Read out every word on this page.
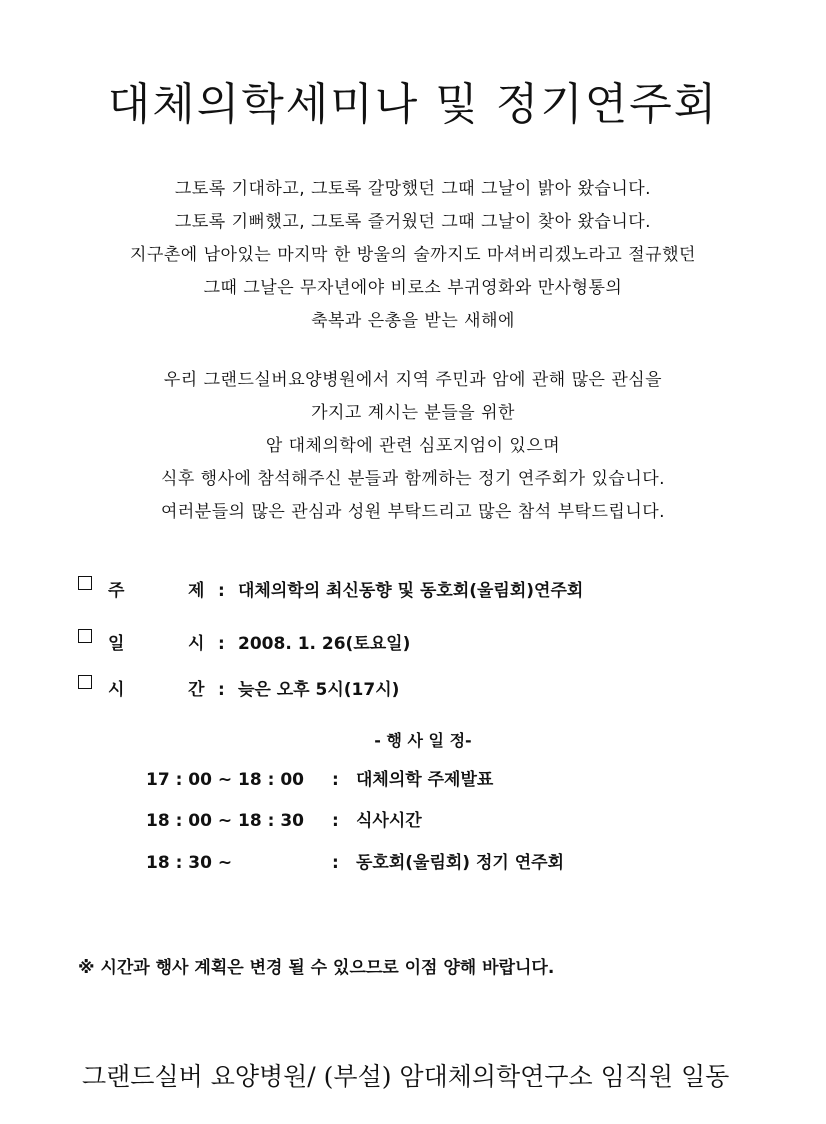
대체의학세미나 및 정기연주회

그토록 기대하고, 그토록 갈망했던 그때 그날이 밝아 왔습니다.

그토록 기뻐했고, 그토록 즐거웠던 그때 그날이 찾아 왔습니다.

지구촌에 남아있는 마지막 한 방울의 술까지도 마셔버리겠노라고 절규했던

그때 그날은 무자년에야 비로소 부귀영화와 만사형통의

축복과 은총을 받는 새해에

우리 그랜드실버요양병원에서 지역 주민과 암에 관해 많은 관심을

가지고 계시는 분들을 위한

암 대체의학에 관련 심포지엄이 있으며

식후 행사에 참석해주신 분들과 함께하는 정기 연주회가 있습니다.

여러분들의 많은 관심과 성원 부탁드리고 많은 참석 부탁드립니다.

주	제 : 대체의학의 최신동향 및 동호회(울림회)연주회
일	시 : 2008. 1. 26(토요일)
시	간 : 늦은 오후 5시(17시)
- 행 사 일 정-
17 : 00 ~ 18 : 00 : 대체의학 주제발표
18 : 00 ~ 18 : 30 : 식사시간
18 : 30 ~	: 동호회(울림회) 정기 연주회
※ 시간과 행사 계획은 변경 될 수 있으므로 이점 양해 바랍니다.
그랜드실버 요양병원/ (부설) 암대체의학연구소 임직원 일동
